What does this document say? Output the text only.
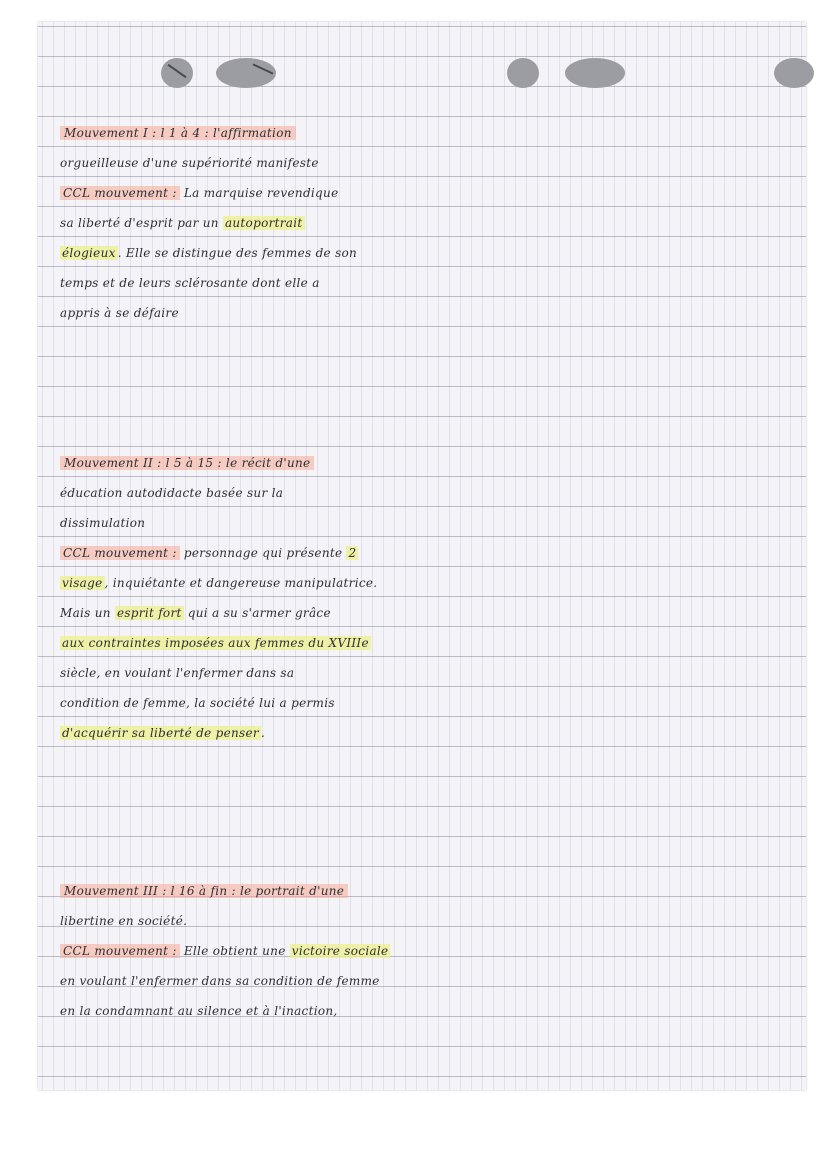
Mouvement I : l 1 à 4 : l'affirmation
orgueilleuse d'une supériorité manifeste
CCL mouvement : La marquise revendique
sa liberté d'esprit par un autoportrait
élogieux . Elle se distingue des femmes de son
temps et de leurs sclérosante dont elle a
appris à se défaire
Mouvement II : l 5 à 15 : le récit d'une
éducation autodidacte basée sur la
dissimulation
CCL mouvement : personnage qui présente 2
visage , inquiétante et dangereuse manipulatrice.
Mais un esprit fort qui a su s'armer grâce
aux contraintes imposées aux femmes du XVIIIe
siècle, en voulant l'enfermer dans sa
condition de femme, la société lui a permis
d'acquérir sa liberté de penser .
Mouvement III : l 16 à fin : le portrait d'une
libertine en société.
CCL mouvement : Elle obtient une victoire sociale
en voulant l'enfermer dans sa condition de femme
en la condamnant au silence et à l'inaction,
